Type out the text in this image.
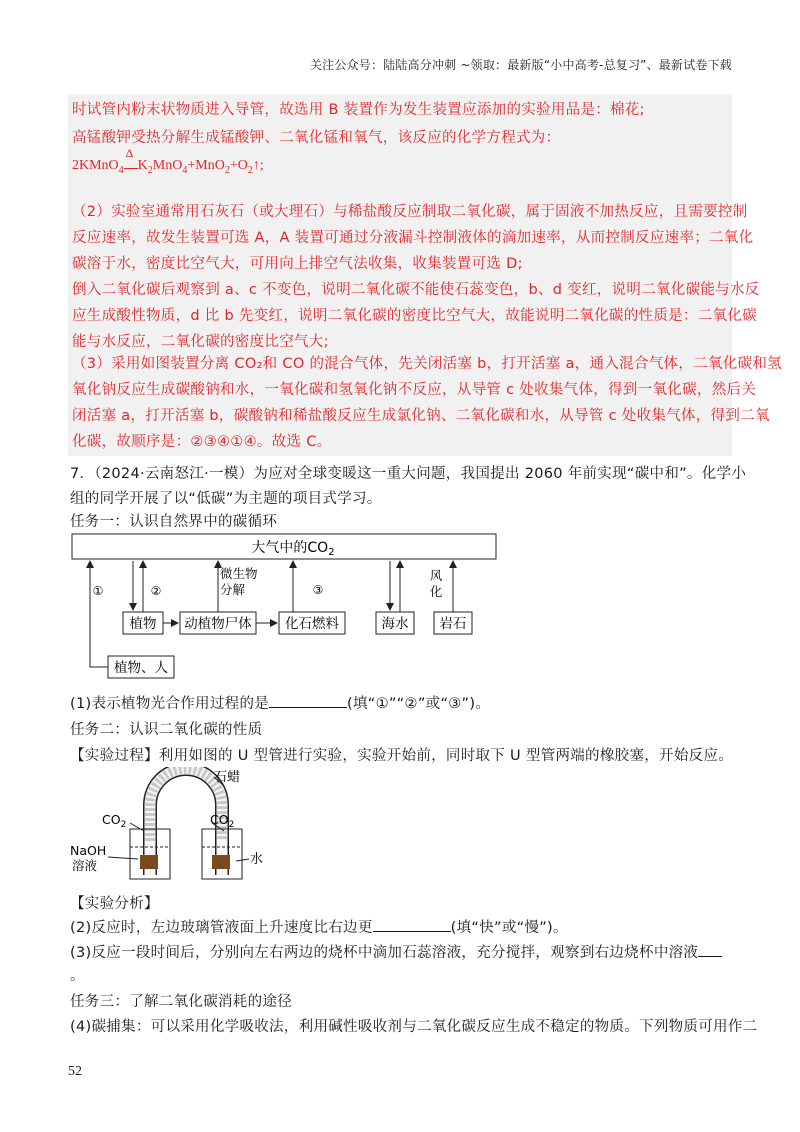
关注公众号：陆陆高分冲刺 ~领取：最新版“小中高考-总复习”、最新试卷下载
时试管内粉末状物质进入导管，故选用 B 装置作为发生装置应添加的实验用品是：棉花;
高锰酸钾受热分解生成锰酸钾、二氧化锰和氧气，该反应的化学方程式为：
2KMnO$_4$
Δ
$K_2MnO_4+MnO_2+O_2↑$;
（2）实验室通常用石灰石（或大理石）与稀盐酸反应制取二氧化碳，属于固液不加热反应，且需要控制
反应速率，故发生装置可选 A，A 装置可通过分液漏斗控制液体的滴加速率，从而控制反应速率；二氧化
碳溶于水，密度比空气大，可用向上排空气法收集，收集装置可选 D;
倒入二氧化碳后观察到 a、c 不变色，说明二氧化碳不能使石蕊变色，b、d 变红，说明二氧化碳能与水反
应生成酸性物质，d 比 b 先变红，说明二氧化碳的密度比空气大，故能说明二氧化碳的性质是：二氧化碳
能与水反应，二氧化碳的密度比空气大;
（3）采用如图装置分离 CO₂和 CO 的混合气体，先关闭活塞 b，打开活塞 a，通入混合气体，二氧化碳和氢
氧化钠反应生成碳酸钠和水，一氧化碳和氢氧化钠不反应，从导管 c 处收集气体，得到一氧化碳，然后关
闭活塞 a，打开活塞 b，碳酸钠和稀盐酸反应生成氯化钠、二氧化碳和水，从导管 c 处收集气体，得到二氧
化碳，故顺序是：②③④①④。故选 C。
7．（2024·云南怒江·一模）为应对全球变暖这一重大问题，我国提出 2060 年前实现“碳中和”。化学小
组的同学开展了以“低碳”为主题的项目式学习。
任务一：认识自然界中的碳循环
大气中的$CO_2$
植物 动植物尸体 化石燃料	海水 岩石
植物、人
①	②
微生物
分解	③
风
化
(1)表示植物光合作用过程的是	(填“①”“②”或“③”)。
任务二：认识二氧化碳的性质
【实验过程】利用如图的 U 型管进行实验，实验开始前，同时取下 U 型管两端的橡胶塞，开始反应。
石蜡
$CO_2$	$CO_2$
NaOH
溶液	水
【实验分析】
(2)反应时，左边玻璃管液面上升速度比右边更	(填“快”或“慢”)。
(3)反应一段时间后，分别向左右两边的烧杯中滴加石蕊溶液，充分搅拌，观察到右边烧杯中溶液
。
任务三：了解二氧化碳消耗的途径
(4)碳捕集：可以采用化学吸收法，利用碱性吸收剂与二氧化碳反应生成不稳定的物质。下列物质可用作二
52
